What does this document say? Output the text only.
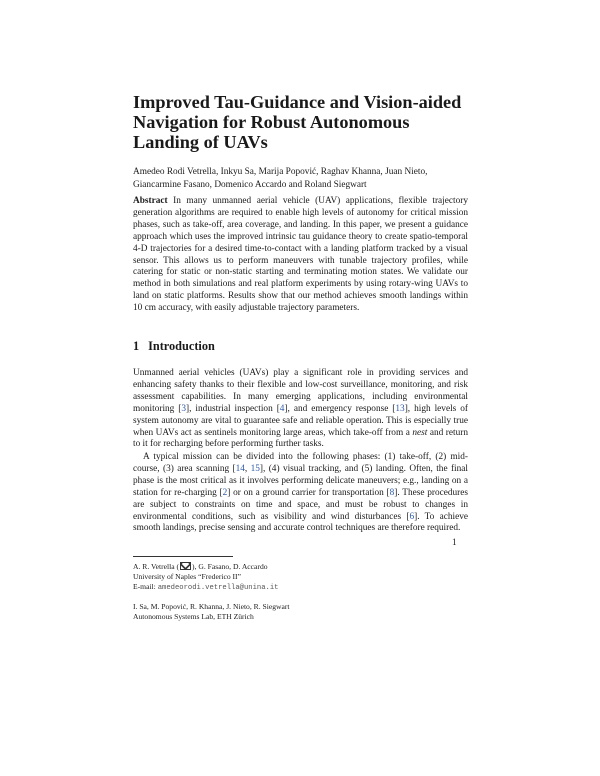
Improved Tau-Guidance and Vision-aided Navigation for Robust Autonomous Landing of UAVs

Amedeo Rodi Vetrella, Inkyu Sa, Marija Popović, Raghav Khanna, Juan Nieto, Giancarmine Fasano, Domenico Accardo and Roland Siegwart

Abstract In many unmanned aerial vehicle (UAV) applications, flexible trajectory generation algorithms are required to enable high levels of autonomy for critical mission phases, such as take-off, area coverage, and landing. In this paper, we present a guidance approach which uses the improved intrinsic tau guidance theory to create spatio-temporal 4-D trajectories for a desired time-to-contact with a landing platform tracked by a visual sensor. This allows us to perform maneuvers with tunable trajectory profiles, while catering for static or non-static starting and terminating motion states. We validate our method in both simulations and real platform experiments by using rotary-wing UAVs to land on static platforms. Results show that our method achieves smooth landings within 10 cm accuracy, with easily adjustable trajectory parameters.

1 Introduction

Unmanned aerial vehicles (UAVs) play a significant role in providing services and enhancing safety thanks to their flexible and low-cost surveillance, monitoring, and risk assessment capabilities. In many emerging applications, including environmental monitoring [3], industrial inspection [4], and emergency response [13], high levels of system autonomy are vital to guarantee safe and reliable operation. This is especially true when UAVs act as sentinels monitoring large areas, which take-off from a nest and return to it for recharging before performing further tasks.

A typical mission can be divided into the following phases: (1) take-off, (2) mid-course, (3) area scanning [14, 15], (4) visual tracking, and (5) landing. Often, the final phase is the most critical as it involves performing delicate maneuvers; e.g., landing on a station for re-charging [2] or on a ground carrier for transportation [8]. These procedures are subject to constraints on time and space, and must be robust to changes in environmental conditions, such as visibility and wind disturbances [6]. To achieve smooth landings, precise sensing and accurate control techniques are therefore required.

A. R. Vetrella ( ), G. Fasano, D. Accardo
University of Naples “Frederico II”
E-mail: amedeorodi.vetrella@unina.it
I. Sa, M. Popović, R. Khanna, J. Nieto, R. Siegwart
Autonomous Systems Lab, ETH Zürich

1
